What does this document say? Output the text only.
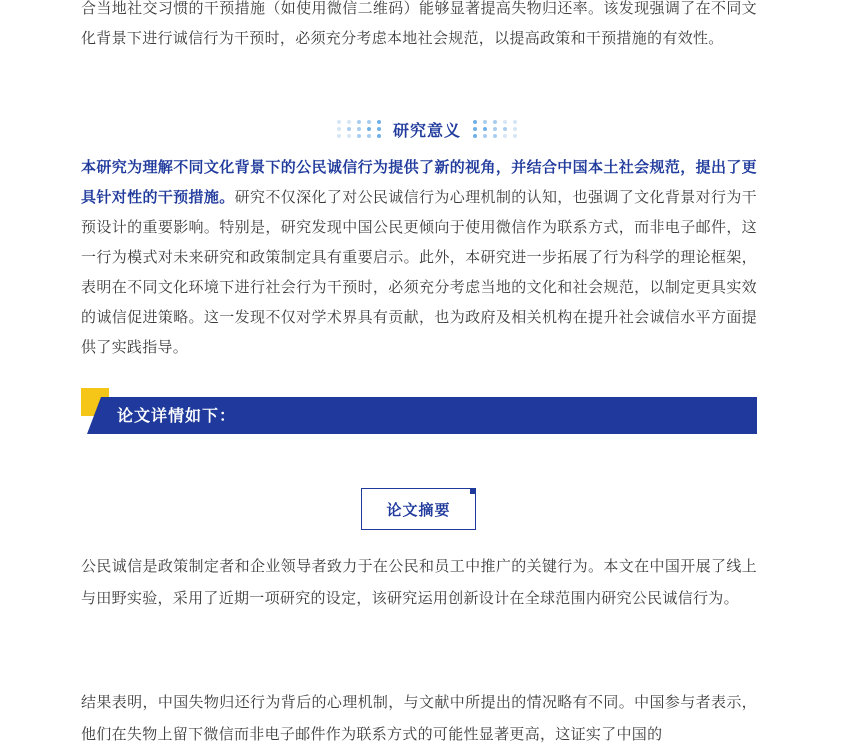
合当地社交习惯的干预措施（如使用微信二维码）能够显著提高失物归还率。该发现强调了在不同文化背景下进行诚信行为干预时，必须充分考虑本地社会规范，以提高政策和干预措施的有效性。
研究意义
本研究为理解不同文化背景下的公民诚信行为提供了新的视角，并结合中国本土社会规范，提出了更具针对性的干预措施。研究不仅深化了对公民诚信行为心理机制的认知，也强调了文化背景对行为干预设计的重要影响。特别是，研究发现中国公民更倾向于使用微信作为联系方式，而非电子邮件，这一行为模式对未来研究和政策制定具有重要启示。此外，本研究进一步拓展了行为科学的理论框架，表明在不同文化环境下进行社会行为干预时，必须充分考虑当地的文化和社会规范，以制定更具实效的诚信促进策略。这一发现不仅对学术界具有贡献，也为政府及相关机构在提升社会诚信水平方面提供了实践指导。
论文详情如下：
论文摘要
公民诚信是政策制定者和企业领导者致力于在公民和员工中推广的关键行为。本文在中国开展了线上与田野实验，采用了近期一项研究的设定，该研究运用创新设计在全球范围内研究公民诚信行为。
结果表明，中国失物归还行为背后的心理机制，与文献中所提出的情况略有不同。中国参与者表示，他们在失物上留下微信而非电子邮件作为联系方式的可能性显著更高，这证实了中国的
